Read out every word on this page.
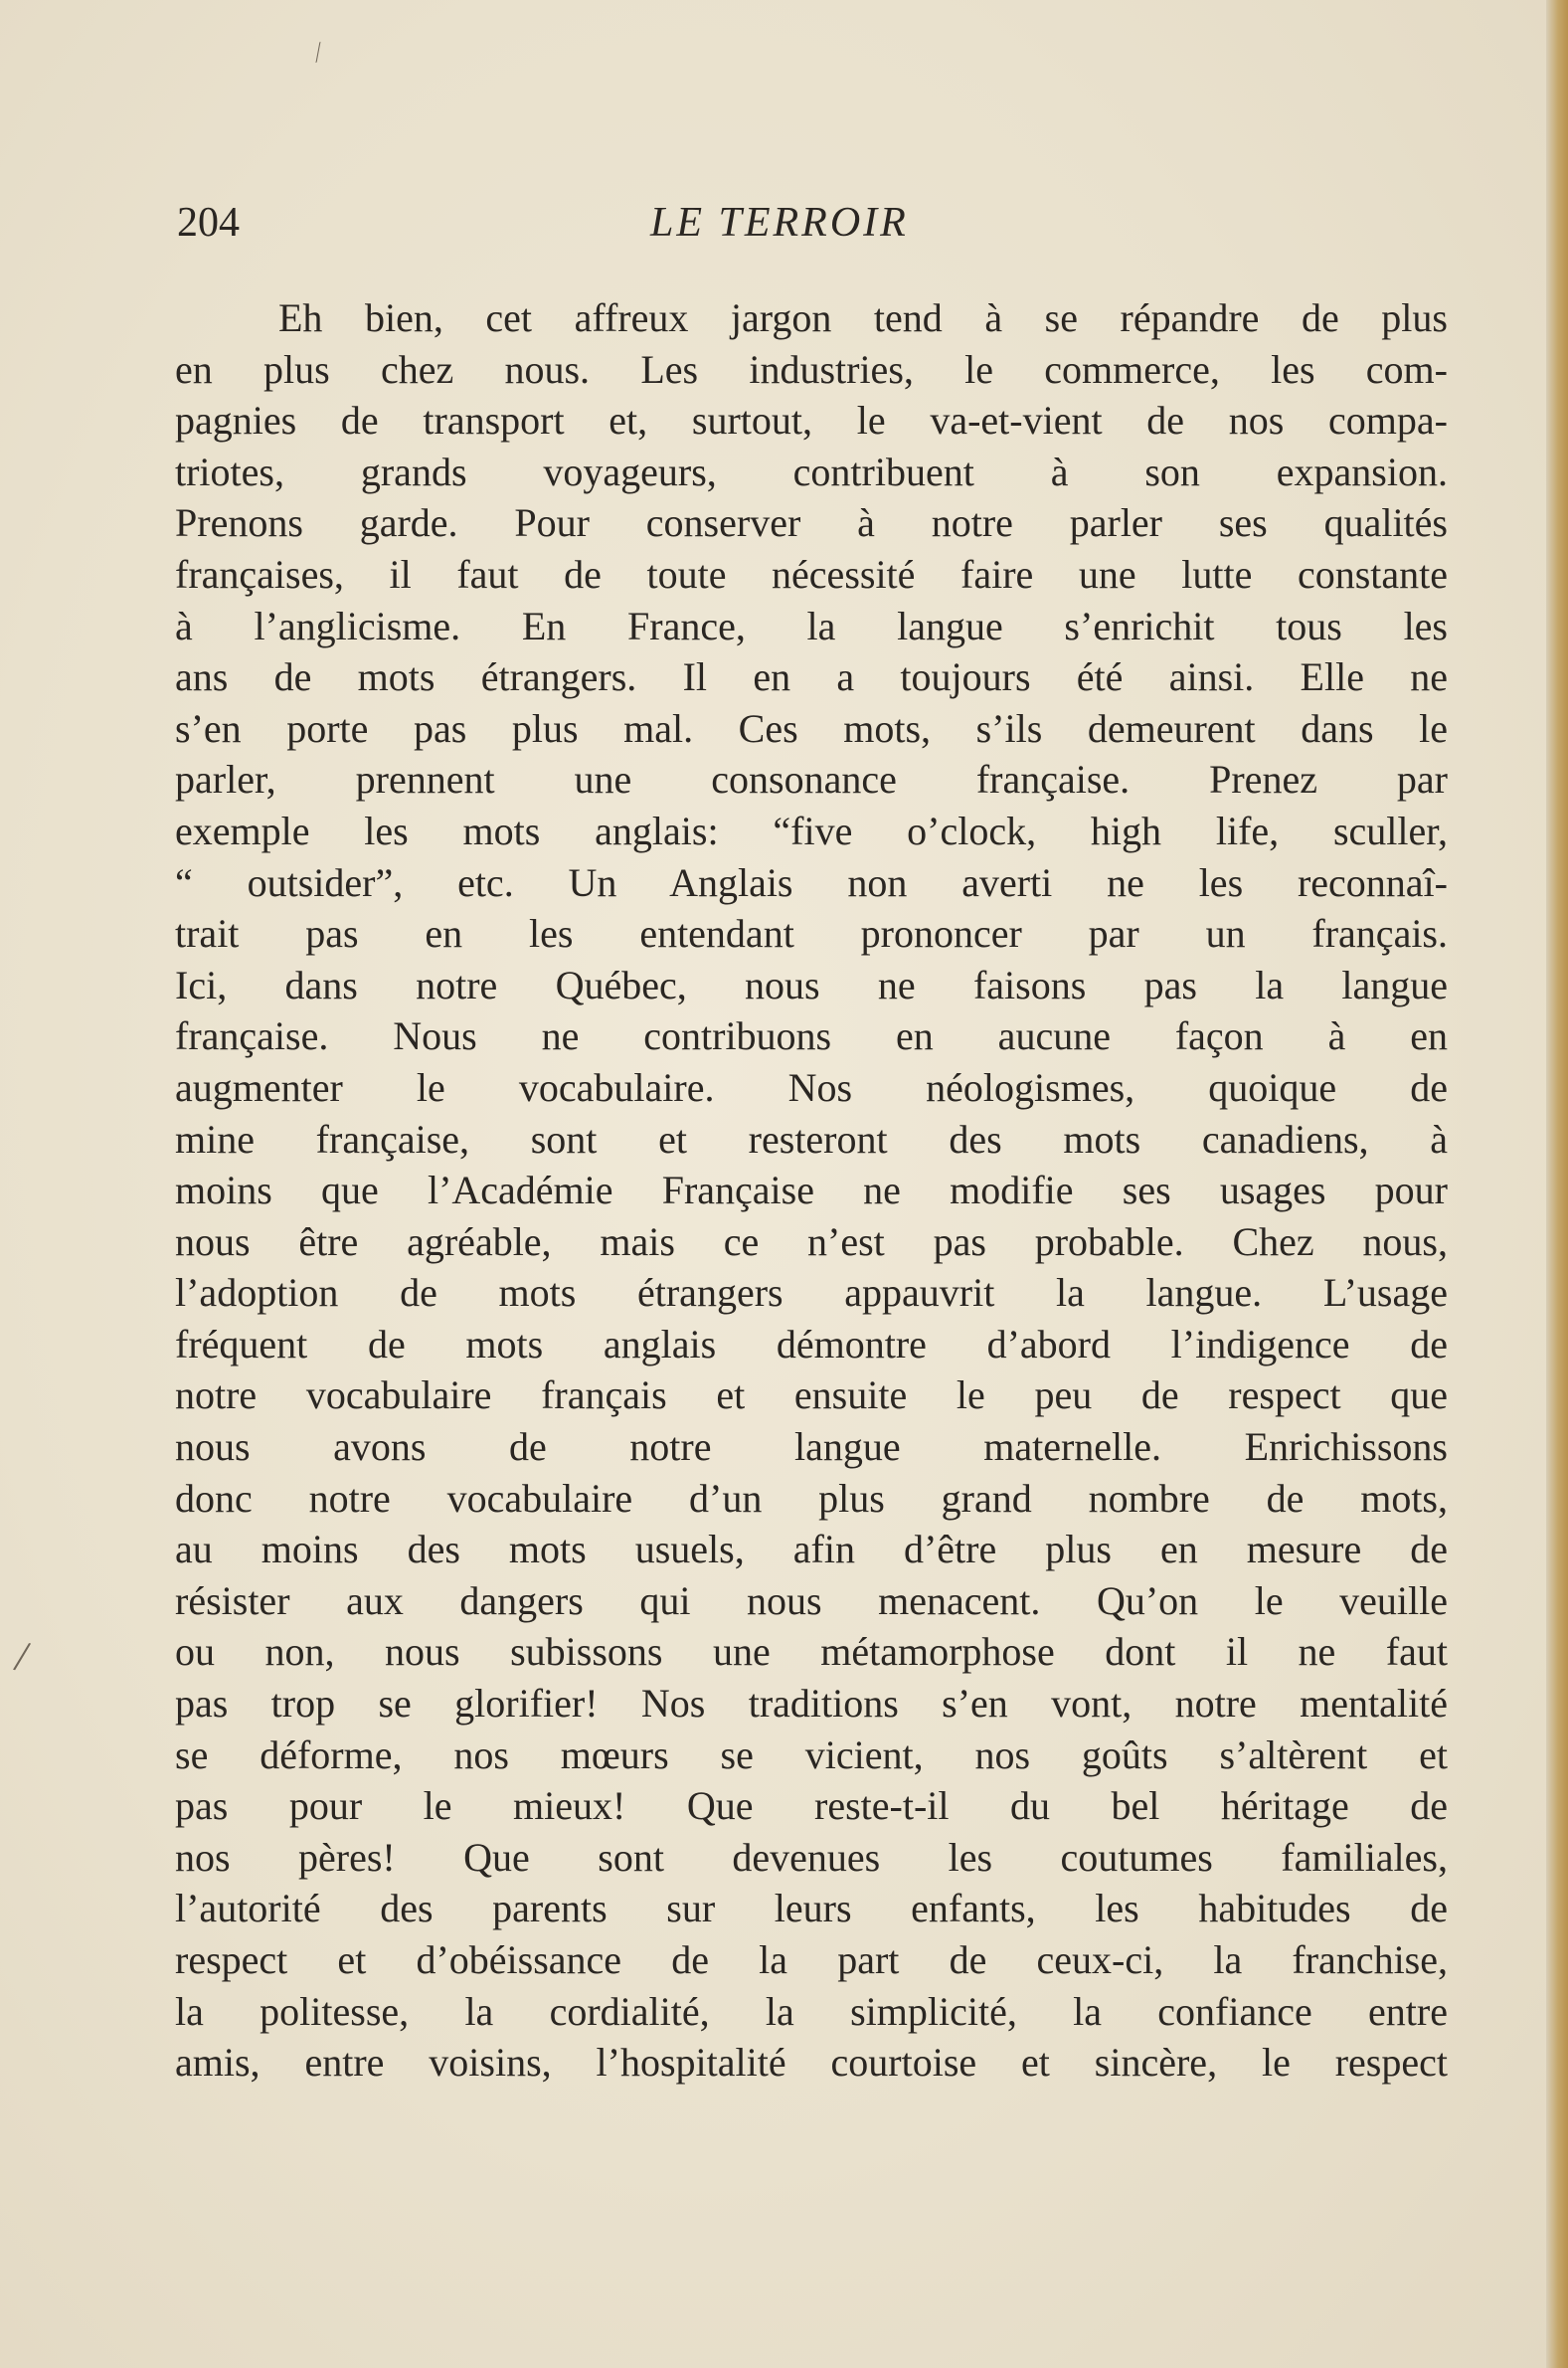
⁄
/
204	LE TERROIR
Eh bien, cet affreux jargon tend à se répandre de plus
en plus chez nous. Les industries, le commerce, les com-
pagnies de transport et, surtout, le va-et-vient de nos compa-
triotes, grands voyageurs, contribuent à son expansion.
Prenons garde. Pour conserver à notre parler ses qualités
françaises, il faut de toute nécessité faire une lutte constante
à l’anglicisme. En France, la langue s’enrichit tous les
ans de mots étrangers. Il en a toujours été ainsi. Elle ne
s’en porte pas plus mal. Ces mots, s’ils demeurent dans le
parler, prennent une consonance française. Prenez par
exemple les mots anglais: “five o’clock, high life, sculler,
“ outsider”, etc. Un Anglais non averti ne les reconnaî-
trait pas en les entendant prononcer par un français.
Ici, dans notre Québec, nous ne faisons pas la langue
française. Nous ne contribuons en aucune façon à en
augmenter le vocabulaire. Nos néologismes, quoique de
mine française, sont et resteront des mots canadiens, à
moins que l’Académie Française ne modifie ses usages pour
nous être agréable, mais ce n’est pas probable. Chez nous,
l’adoption de mots étrangers appauvrit la langue. L’usage
fréquent de mots anglais démontre d’abord l’indigence de
notre vocabulaire français et ensuite le peu de respect que
nous avons de notre langue maternelle. Enrichissons
donc notre vocabulaire d’un plus grand nombre de mots,
au moins des mots usuels, afin d’être plus en mesure de
résister aux dangers qui nous menacent. Qu’on le veuille
ou non, nous subissons une métamorphose dont il ne faut
pas trop se glorifier! Nos traditions s’en vont, notre mentalité
se déforme, nos mœurs se vicient, nos goûts s’altèrent et
pas pour le mieux! Que reste-t-il du bel héritage de
nos pères! Que sont devenues les coutumes familiales,
l’autorité des parents sur leurs enfants, les habitudes de
respect et d’obéissance de la part de ceux-ci, la franchise,
la politesse, la cordialité, la simplicité, la confiance entre
amis, entre voisins, l’hospitalité courtoise et sincère, le respect
